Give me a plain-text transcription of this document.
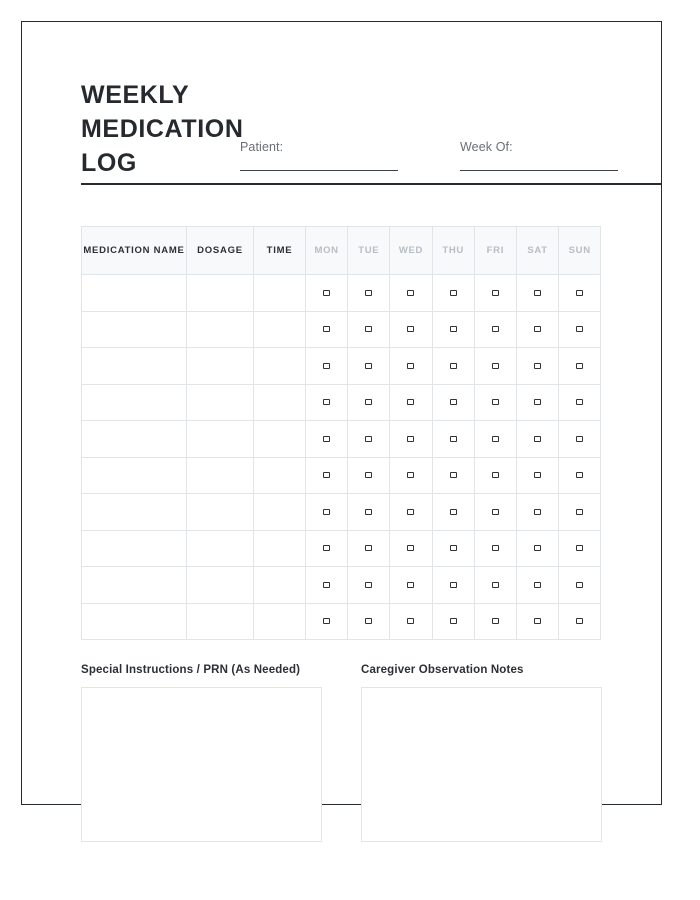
WEEKLY
MEDICATION
LOG
Patient:	Week Of:
MEDICATION NAME	DOSAGE	TIME	MON	TUE	WED	THU	FRI	SAT	SUN

Special Instructions / PRN (As Needed)	Caregiver Observation Notes
